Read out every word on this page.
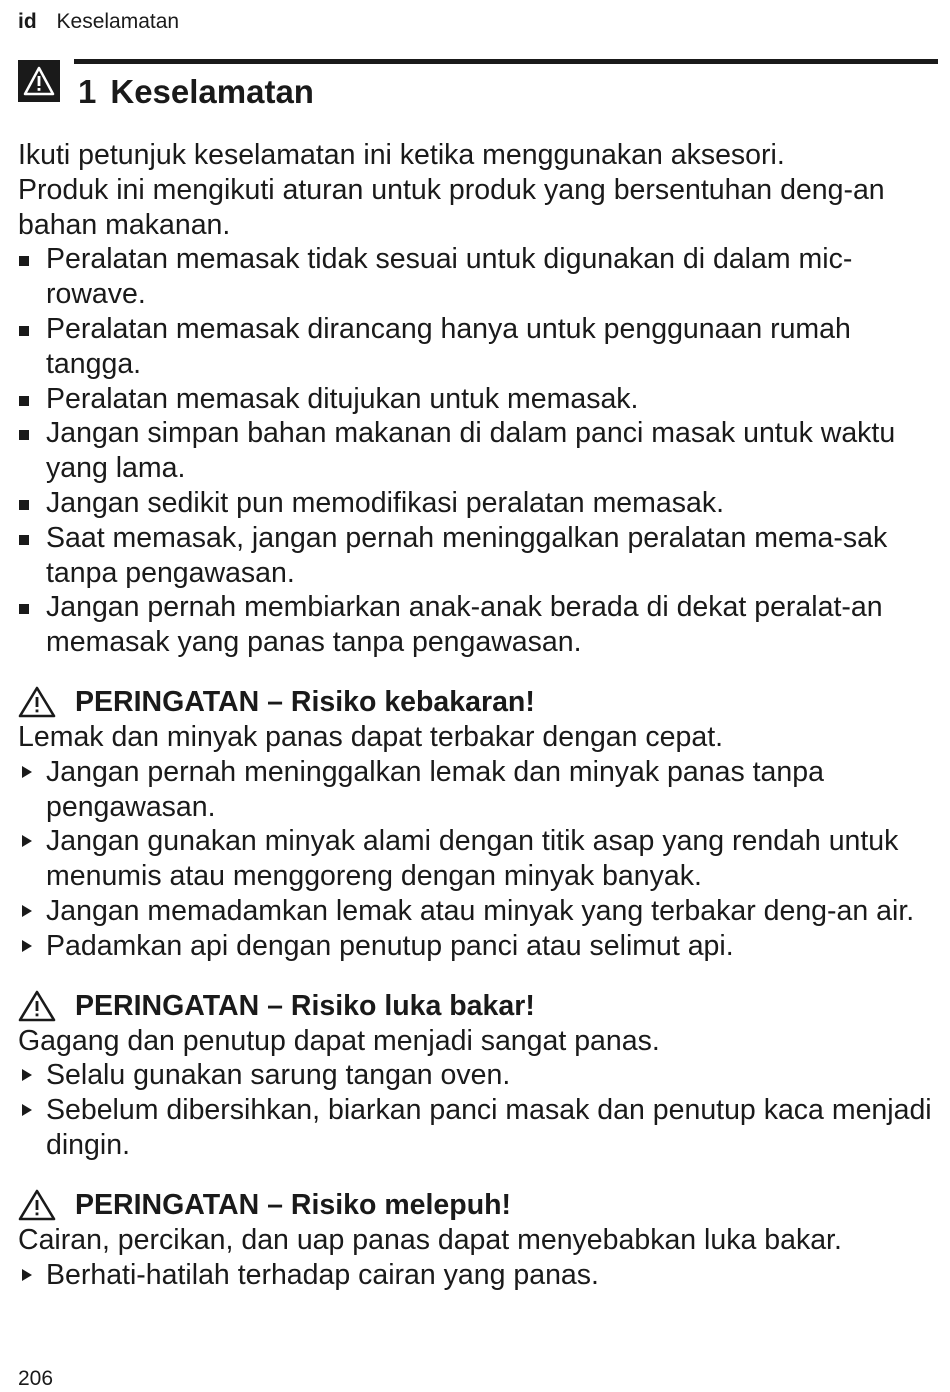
id Keselamatan
1 Keselamatan

Ikuti petunjuk keselamatan ini ketika menggunakan aksesori.

Produk ini mengikuti aturan untuk produk yang bersentuhan deng-an bahan makanan.

Peralatan memasak tidak sesuai untuk digunakan di dalam mic-rowave.
Peralatan memasak dirancang hanya untuk penggunaan rumah tangga.
Peralatan memasak ditujukan untuk memasak.
Jangan simpan bahan makanan di dalam panci masak untuk waktu yang lama.
Jangan sedikit pun memodifikasi peralatan memasak.
Saat memasak, jangan pernah meninggalkan peralatan mema-sak tanpa pengawasan.
Jangan pernah membiarkan anak-anak berada di dekat peralat-an memasak yang panas tanpa pengawasan.
PERINGATAN – Risiko kebakaran!

Lemak dan minyak panas dapat terbakar dengan cepat.

Jangan pernah meninggalkan lemak dan minyak panas tanpa pengawasan.
Jangan gunakan minyak alami dengan titik asap yang rendah untuk menumis atau menggoreng dengan minyak banyak.
Jangan memadamkan lemak atau minyak yang terbakar deng-an air.
Padamkan api dengan penutup panci atau selimut api.
PERINGATAN – Risiko luka bakar!

Gagang dan penutup dapat menjadi sangat panas.

Selalu gunakan sarung tangan oven.
Sebelum dibersihkan, biarkan panci masak dan penutup kaca menjadi dingin.
PERINGATAN – Risiko melepuh!

Cairan, percikan, dan uap panas dapat menyebabkan luka bakar.

Berhati-hatilah terhadap cairan yang panas.
206
